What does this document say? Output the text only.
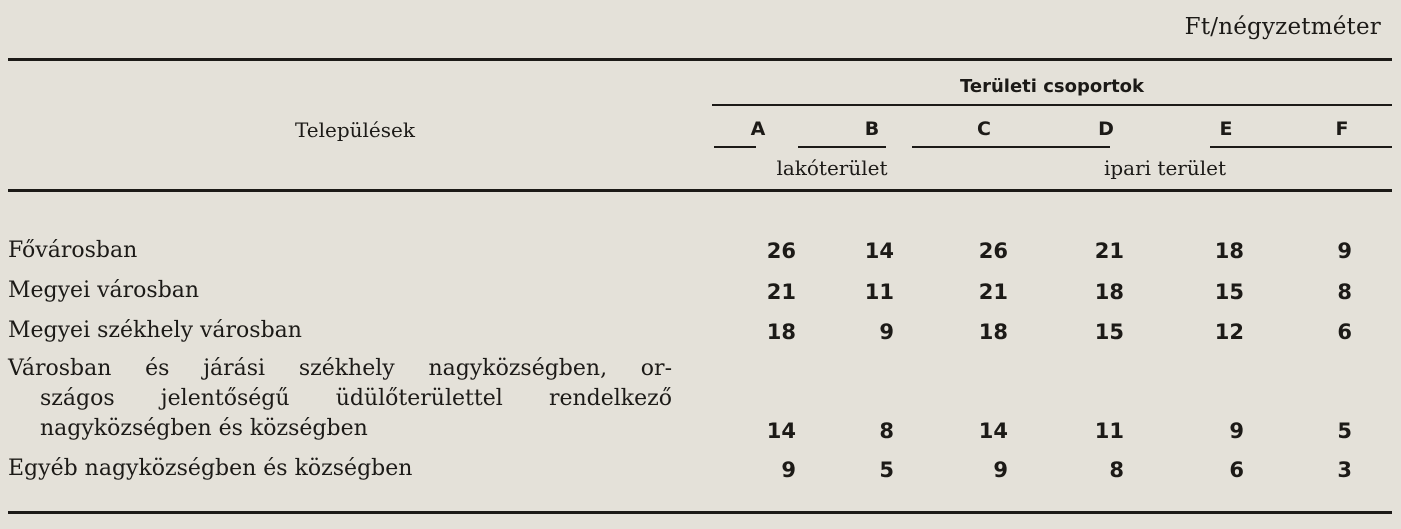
Ft/négyzetméter
Települések
Területi csoportok
A	B	C	D	E	F
lakóterület	ipari terület
Fővárosban	26	14	26	21	18	9
Megyei városban	21	11	21	18	15	8
Megyei székhely városban	18	9	18	15	12	6
Városban és járási székhely nagyközségben, or-
szágos jelentőségű üdülőterülettel rendelkező
nagyközségben és községben	14	8	14	11	9	5
Egyéb nagyközségben és községben	9	5	9	8	6	3
